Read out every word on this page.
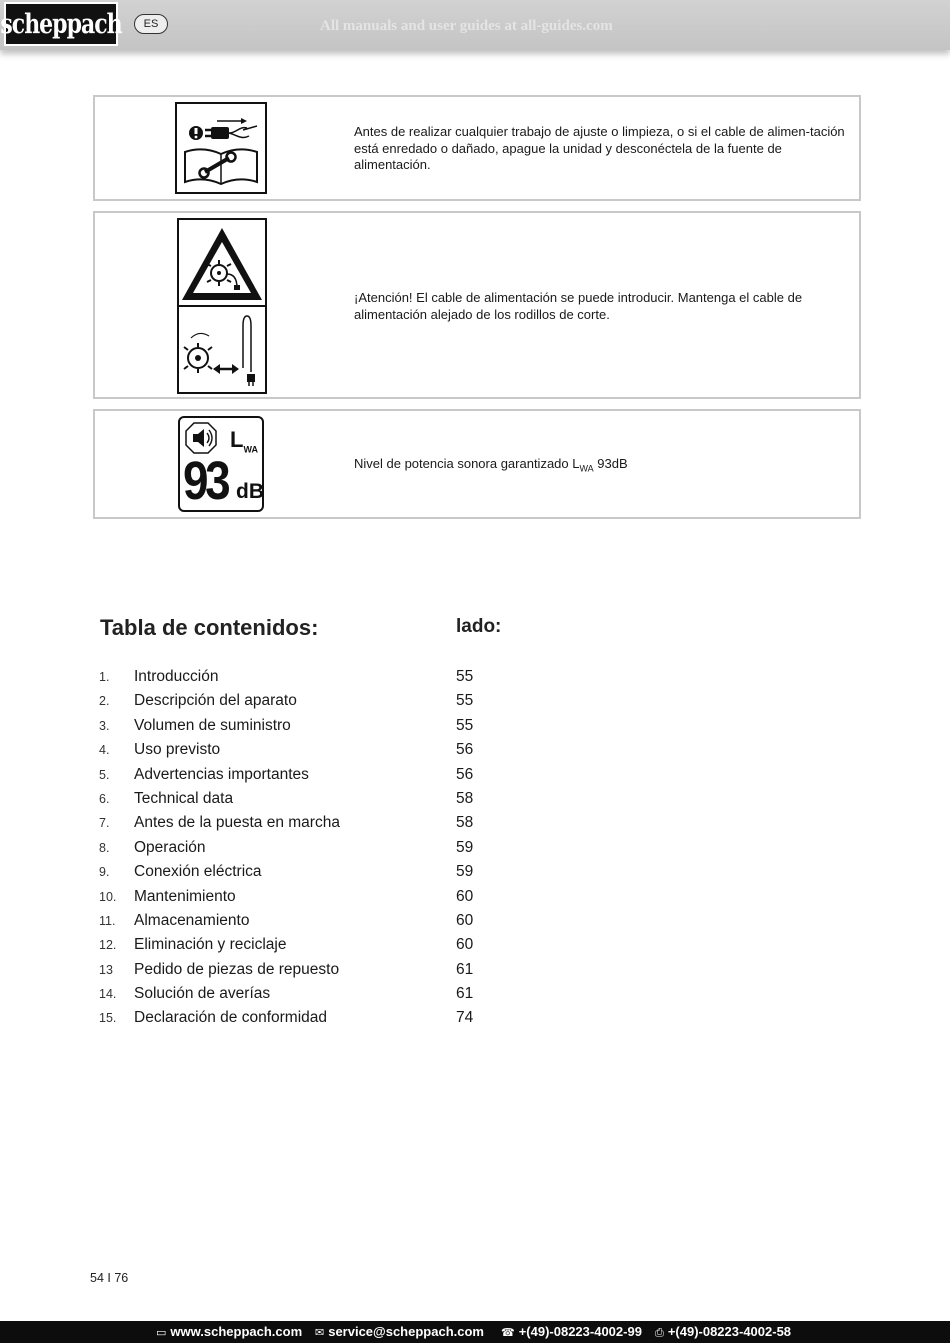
scheppach	ES	All manuals and user guides at all-guides.com
Antes de realizar cualquier trabajo de ajuste o limpieza, o si el cable de alimen-tación está enredado o dañado, apague la unidad y desconéctela de la fuente de alimentación.
¡Atención! El cable de alimentación se puede introducir. Mantenga el cable de alimentación alejado de los rodillos de corte.
$L_{WA}$
93 dB
Nivel de potencia sonora garantizado $L_{WA}$ 93dB
Tabla de contenidos:	lado:
1. Introducción	55
2. Descripción del aparato	55
3. Volumen de suministro	55
4. Uso previsto	56
5. Advertencias importantes	56
6. Technical data	58
7. Antes de la puesta en marcha	58
8. Operación	59
9. Conexión eléctrica	59
10. Mantenimiento	60
11. Almacenamiento	60
12. Eliminación y reciclaje	60
13 Pedido de piezas de repuesto	61
14. Solución de averías	61
15. Declaración de conformidad	74
54 I 76
▭ www.scheppach.com ✉ service@scheppach.com ☎ +(49)-08223-4002-99 ⎙ +(49)-08223-4002-58
